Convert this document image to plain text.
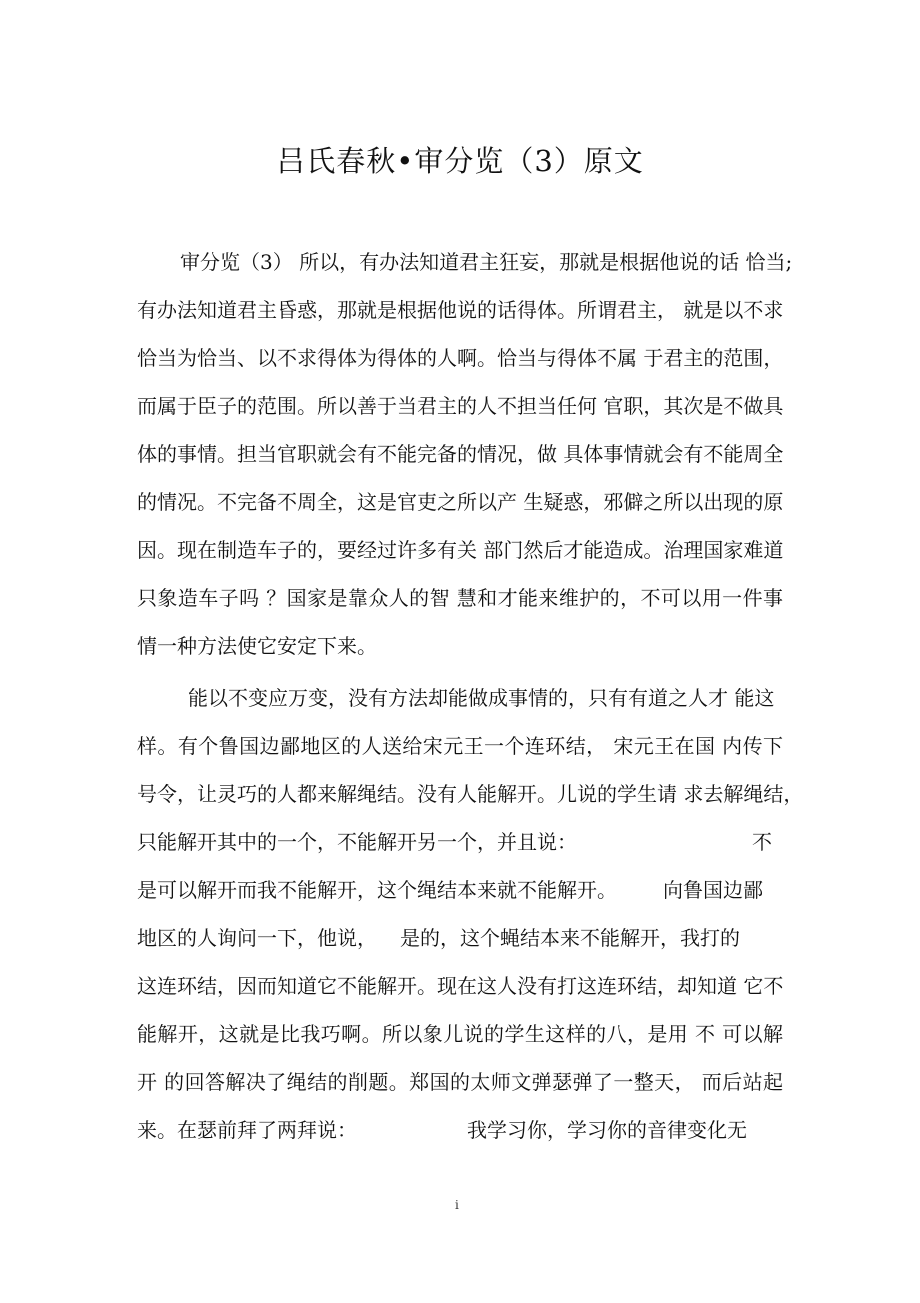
吕氏春秋•审分览（3）原文
审分览（3） 所以，有办法知道君主狂妄，那就是根据他说的话 恰当;
有办法知道君主昏惑，那就是根据他说的话得体。所谓君主， 就是以不求
恰当为恰当、以不求得体为得体的人啊。恰当与得体不属 于君主的范围，
而属于臣子的范围。所以善于当君主的人不担当任何 官职，其次是不做具
体的事情。担当官职就会有不能完备的情况，做 具体事情就会有不能周全
的情况。不完备不周全，这是官吏之所以产 生疑惑，邪僻之所以出现的原
因。现在制造车子的，要经过许多有关 部门然后才能造成。治理国家难道
只象造车子吗 ？国家是靠众人的智 慧和才能来维护的，不可以用一件事
情一种方法使它安定下来。
能以不变应万变，没有方法却能做成事情的，只有有道之人才 能这
样。有个鲁国边鄙地区的人送给宋元王一个连环结， 宋元王在国 内传下
号令，让灵巧的人都来解绳结。没有人能解开。儿说的学生请 求去解绳结，
只能解开其中的一个，不能解开另一个，并且说：	不
是可以解开而我不能解开，这个绳结本来就不能解开。 向鲁国边鄙
地区的人询问一下，他说， 是的，这个蝇结本来不能解开，我打的
这连环结，因而知道它不能解开。现在这人没有打这连环结，却知道 它不
能解开，这就是比我巧啊。所以象儿说的学生这样的八，是用 不 可以解
开 的回答解决了绳结的削题。郑国的太师文弹瑟弹了一整天， 而后站起
来。在瑟前拜了两拜说：	我学习你，学习你的音律变化无
i
